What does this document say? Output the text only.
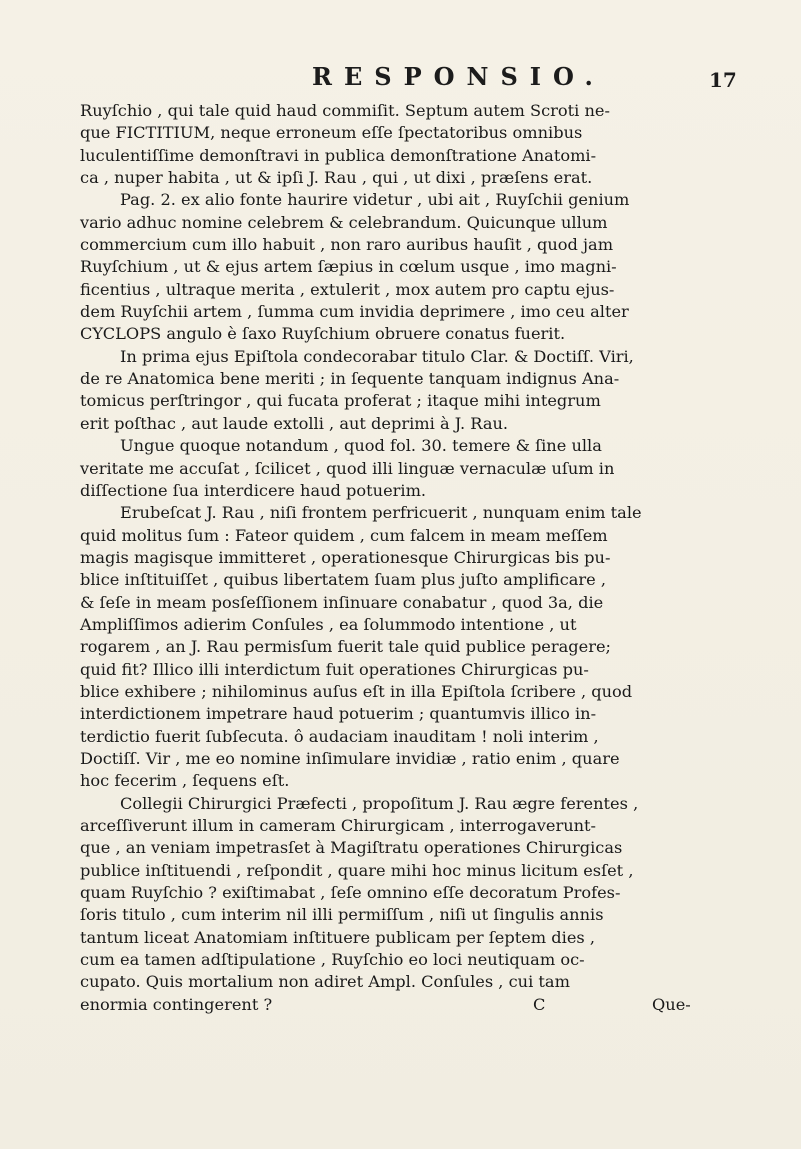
RESPONSIO.	17
Ruyſchio , qui tale quid haud commiſit. Septum autem Scroti ne-
que FICTITIUM, neque erroneum eſſe ſpectatoribus omnibus
luculentiſſime demonſtravi in publica demonſtratione Anatomi-
ca , nuper habita , ut & ipſi J. Rau , qui , ut dixi , præſens erat.
Pag. 2. ex alio fonte haurire videtur , ubi ait , Ruyſchii genium
vario adhuc nomine celebrem & celebrandum. Quicunque ullum
commercium cum illo habuit , non raro auribus hauſit , quod jam
Ruyſchium , ut & ejus artem ſæpius in cœlum usque , imo magni-
ficentius , ultraque merita , extulerit , mox autem pro captu ejus-
dem Ruyſchii artem , ſumma cum invidia deprimere , imo ceu alter
CYCLOPS angulo è ſaxo Ruyſchium obruere conatus fuerit.
In prima ejus Epiſtola condecorabar titulo Clar. & Doctiſſ. Viri,
de re Anatomica bene meriti ; in ſequente tanquam indignus Ana-
tomicus perſtringor , qui fucata proferat ; itaque mihi integrum
erit poſthac , aut laude extolli , aut deprimi à J. Rau.
Ungue quoque notandum , quod fol. 30. temere & ſine ulla
veritate me accuſat , ſcilicet , quod illi linguæ vernaculæ uſum in
diſſectione ſua interdicere haud potuerim.
Erubeſcat J. Rau , niſi frontem perfricuerit , nunquam enim tale
quid molitus ſum : Fateor quidem , cum falcem in meam meſſem
magis magisque immitteret , operationesque Chirurgicas bis pu-
blice inſtituiſſet , quibus libertatem ſuam plus juſto amplificare ,
& ſeſe in meam posſeſſionem inſinuare conabatur , quod 3a, die
Ampliſſimos adierim Conſules , ea ſolummodo intentione , ut
rogarem , an J. Rau permisſum fuerit tale quid publice peragere;
quid fit? Illico illi interdictum fuit operationes Chirurgicas pu-
blice exhibere ; nihilominus auſus eſt in illa Epiſtola ſcribere , quod
interdictionem impetrare haud potuerim ; quantumvis illico in-
terdictio fuerit ſubſecuta. ô audaciam inauditam ! noli interim ,
Doctiſſ. Vir , me eo nomine inſimulare invidiæ , ratio enim , quare
hoc fecerim , ſequens eſt.
Collegii Chirurgici Præfecti , propoſitum J. Rau ægre ferentes ,
arceſſiverunt illum in cameram Chirurgicam , interrogaverunt-
que , an veniam impetrasſet à Magiſtratu operationes Chirurgicas
publice inſtituendi , reſpondit , quare mihi hoc minus licitum esſet ,
quam Ruyſchio ? exiſtimabat , ſeſe omnino eſſe decoratum Profes-
ſoris titulo , cum interim nil illi permiſſum , niſi ut ſingulis annis
tantum liceat Anatomiam inſtituere publicam per ſeptem dies ,
cum ea tamen adſtipulatione , Ruyſchio eo loci neutiquam oc-
cupato. Quis mortalium non adiret Ampl. Conſules , cui tam
enormia contingerent ?	C	Que-
